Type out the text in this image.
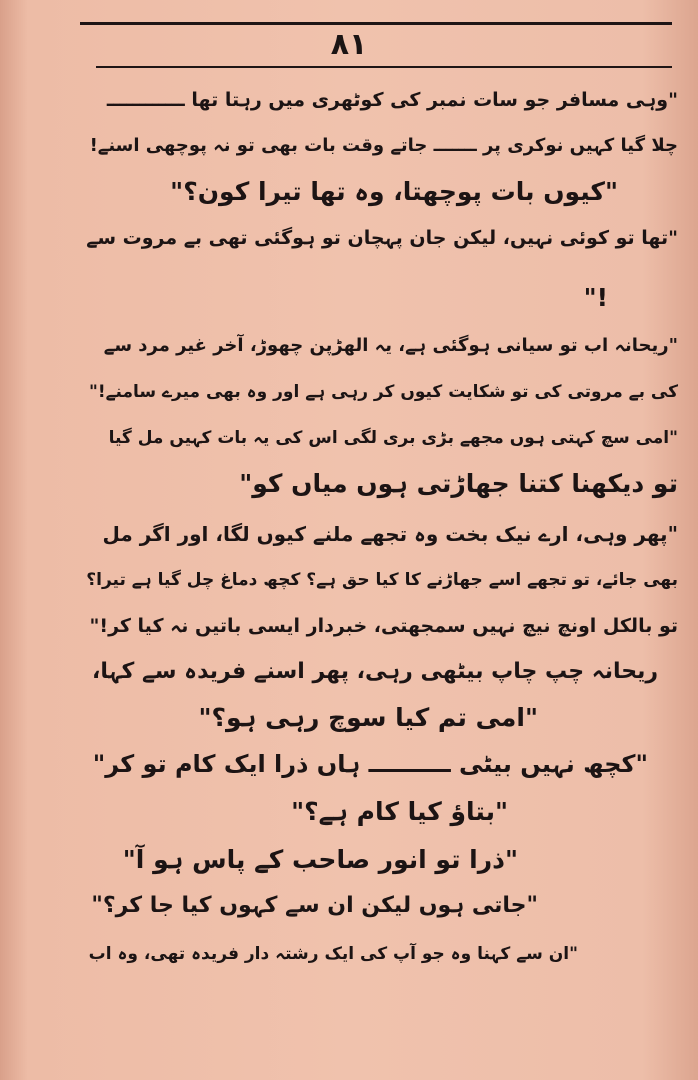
۸۱
"وہی مسافر جو سات نمبر کی کوٹھری میں رہتا تھا ــــــــــــ
چلا گیا کہیں نوکری پر ـــــــ جاتے وقت بات بھی تو نہ پوچھی اسنے!
"کیوں بات پوچھتا، وہ تھا تیرا کون؟"
"تھا تو کوئی نہیں، لیکن جان پہچان تو ہوگئی تھی بے مروت سے
!"
"ریحانہ اب تو سیانی ہوگئی ہے، یہ الھڑپن چھوڑ، آخر غیر مرد سے
کی بے مروتی کی تو شکایت کیوں کر رہی ہے اور وہ بھی میرے سامنے!"
"امی سچ کہتی ہوں مجھے بڑی بری لگی اس کی یہ بات کہیں مل گیا
تو دیکھنا کتنا جھاڑتی ہوں میاں کو"
"پھر وہی، ارے نیک بخت وہ تجھے ملنے کیوں لگا، اور اگر مل
بھی جائے، تو تجھے اسے جھاڑنے کا کیا حق ہے؟ کچھ دماغ چل گیا ہے تیرا؟
تو بالکل اونچ نیچ نہیں سمجھتی، خبردار ایسی باتیں نہ کیا کر!"
ریحانہ چپ چاپ بیٹھی رہی، پھر اسنے فریدہ سے کہا،
"امی تم کیا سوچ رہی ہو؟"
"کچھ نہیں بیٹی ــــــــــ ہاں ذرا ایک کام تو کر"
"بتاؤ کیا کام ہے؟"
"ذرا تو انور صاحب کے پاس ہو آ"
"جاتی ہوں لیکن ان سے کہوں کیا جا کر؟"
"ان سے کہنا وہ جو آپ کی ایک رشتہ دار فریدہ تھی، وہ اب
